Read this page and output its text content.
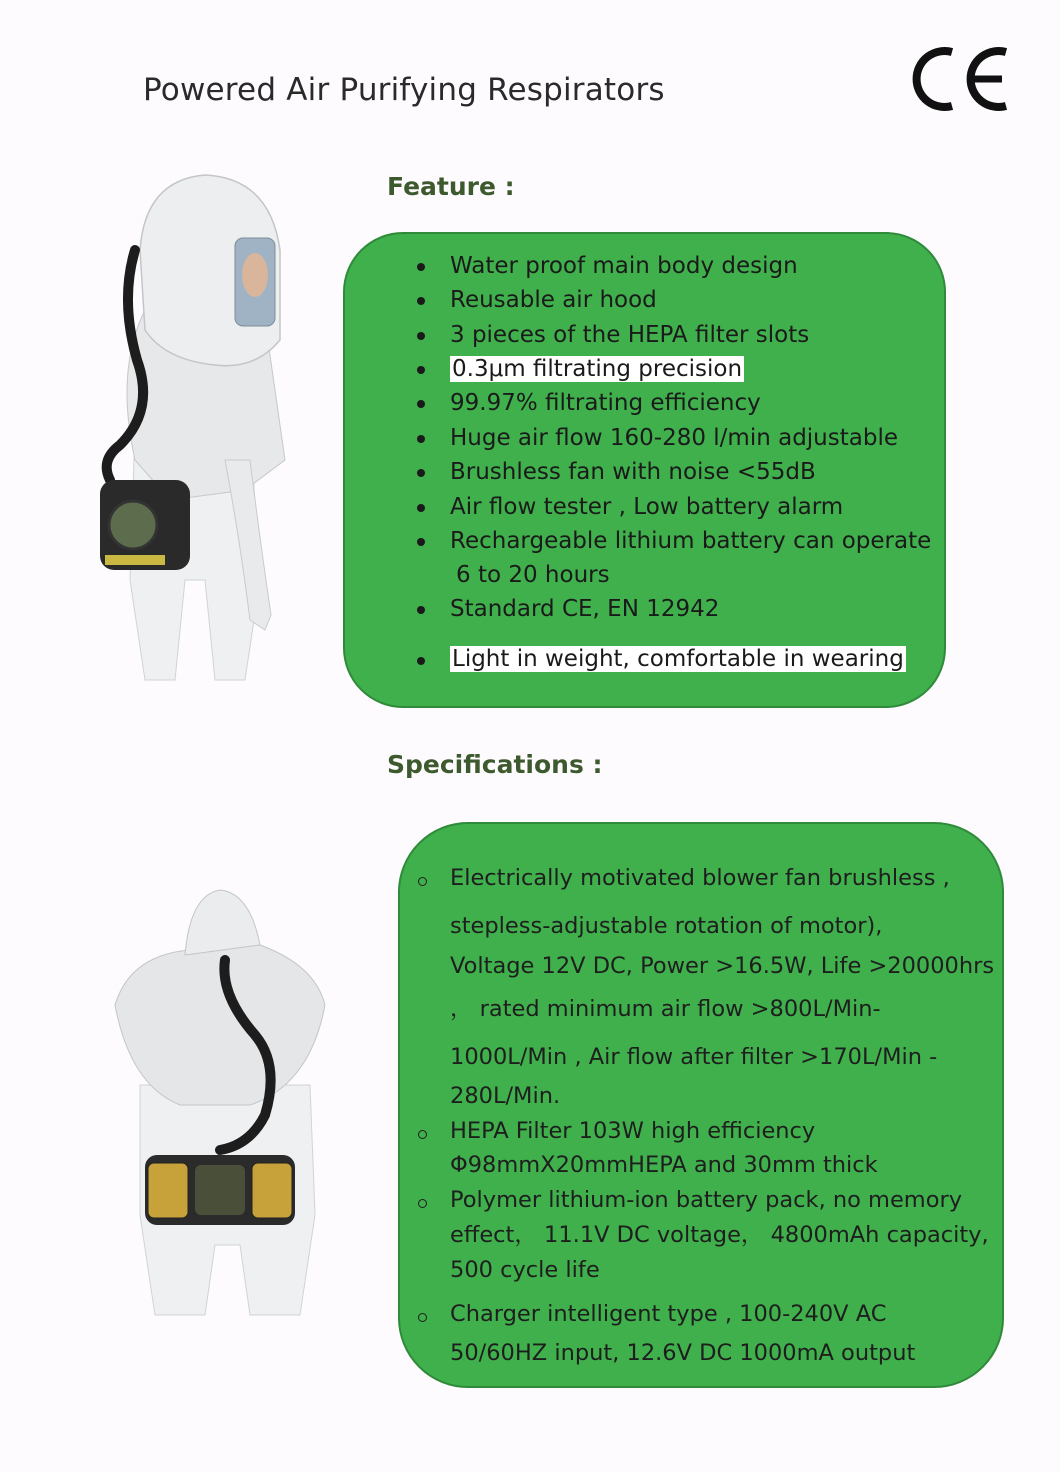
Powered Air Purifying Respirators
Feature :
Water proof main body design
Reusable air hood
3 pieces of the HEPA filter slots
0.3μm filtrating precision
99.97% filtrating efficiency
Huge air flow 160-280 l/min adjustable
Brushless fan with noise <55dB
Air flow tester , Low battery alarm
Rechargeable lithium battery can operate
6 to 20 hours
Standard CE, EN 12942
Light in weight, comfortable in wearing
Specifications :
Electrically motivated blower fan brushless ,
stepless-adjustable rotation of motor),
Voltage 12V DC, Power >16.5W, Life >20000hrs
， rated minimum air flow >800L/Min-
1000L/Min , Air flow after filter >170L/Min -
280L/Min.
HEPA Filter 103W high efficiency
Φ98mmX20mmHEPA and 30mm thick
Polymer lithium-ion battery pack, no memory
effect， 11.1V DC voltage， 4800mAh capacity,
500 cycle life
Charger intelligent type , 100-240V AC
50/60HZ input, 12.6V DC 1000mA output
